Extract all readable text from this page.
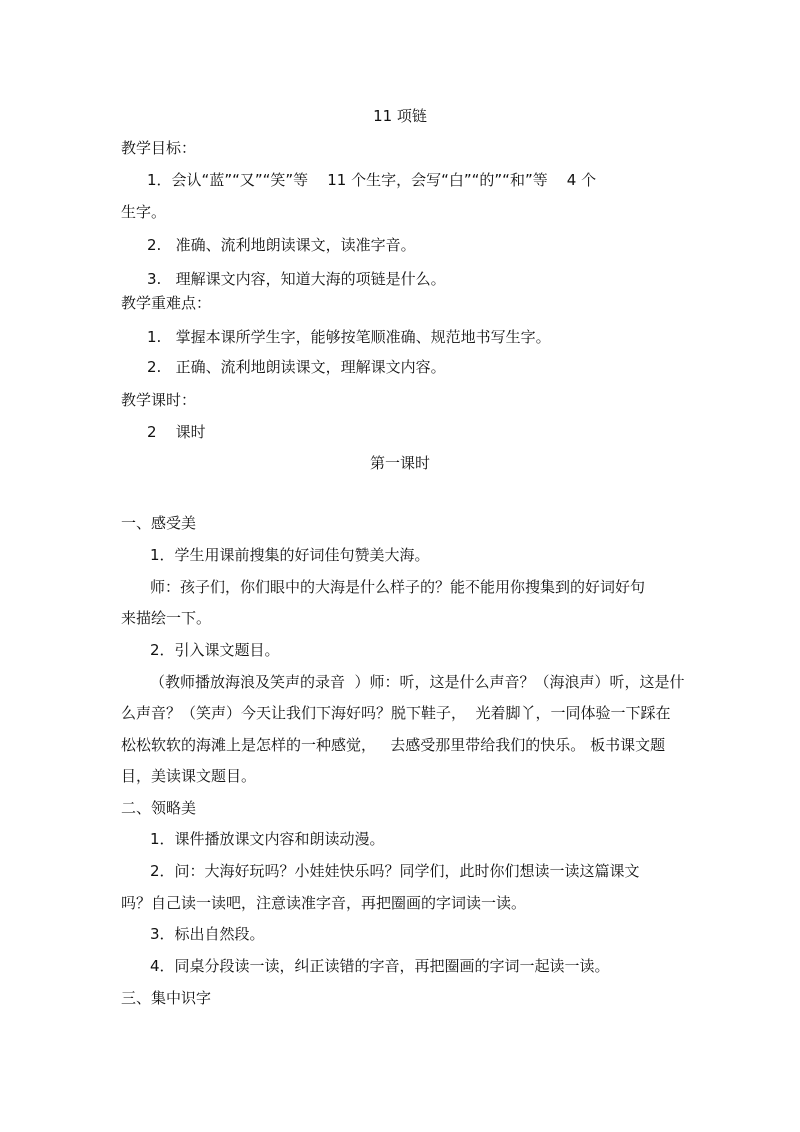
11 项链
教学目标：
1．会认“蓝”“又”“笑”等    11 个生字，会写“白”“的”“和”等    4 个
生字。
2.   准确、流利地朗读课文，读准字音。
3.   理解课文内容，知道大海的项链是什么。
教学重难点：
1.   掌握本课所学生字，能够按笔顺准确、规范地书写生字。
2.   正确、流利地朗读课文，理解课文内容。
教学课时：
2    课时
第一课时
一、感受美
1．学生用课前搜集的好词佳句赞美大海。
师：孩子们，你们眼中的大海是什么样子的？能不能用你搜集到的好词好句
来描绘一下。
2．引入课文题目。
（教师播放海浪及笑声的录音  ）师：听，这是什么声音？（海浪声）听，这是什
么声音？（笑声）今天让我们下海好吗？脱下鞋子，  光着脚丫，一同体验一下踩在
松松软软的海滩上是怎样的一种感觉，   去感受那里带给我们的快乐。 板书课文题
目，美读课文题目。
二、领略美
1．课件播放课文内容和朗读动漫。
2．问：大海好玩吗？小娃娃快乐吗？同学们，此时你们想读一读这篇课文
吗？自己读一读吧，注意读准字音，再把圈画的字词读一读。
3．标出自然段。
4．同桌分段读一读，纠正读错的字音，再把圈画的字词一起读一读。
三、集中识字
